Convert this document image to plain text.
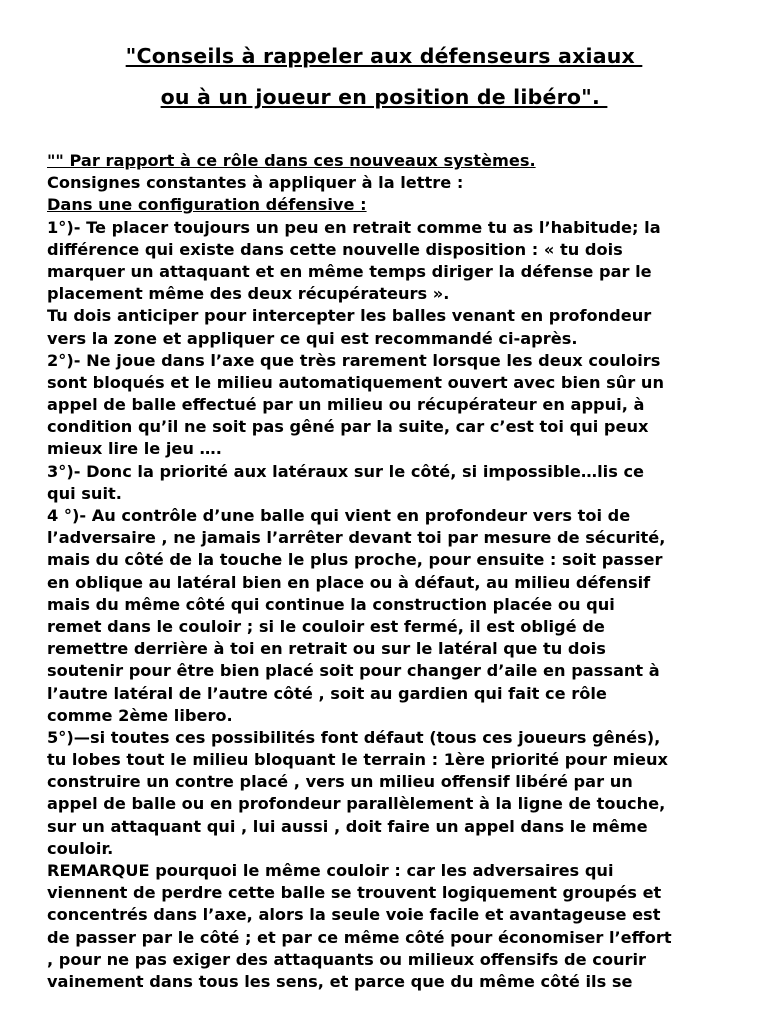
"Conseils à rappeler aux défenseurs axiaux
ou à un joueur en position de libéro".
"" Par rapport à ce rôle dans ces nouveaux systèmes.
Consignes constantes à appliquer à la lettre :
Dans une configuration défensive :
1°)- Te placer toujours un peu en retrait comme tu as l’habitude; la
différence qui existe dans cette nouvelle disposition : « tu dois
marquer un attaquant et en même temps diriger la défense par le
placement même des deux récupérateurs ».
Tu dois anticiper pour intercepter les balles venant en profondeur
vers la zone et appliquer ce qui est recommandé ci-après.
2°)- Ne joue dans l’axe que très rarement lorsque les deux couloirs
sont bloqués et le milieu automatiquement ouvert avec bien sûr un
appel de balle effectué par un milieu ou récupérateur en appui, à
condition qu’il ne soit pas gêné par la suite, car c’est toi qui peux
mieux lire le jeu ….
3°)- Donc la priorité aux latéraux sur le côté, si impossible…lis ce
qui suit.
4 °)- Au contrôle d’une balle qui vient en profondeur vers toi de
l’adversaire , ne jamais l’arrêter devant toi par mesure de sécurité,
mais du côté de la touche le plus proche, pour ensuite : soit passer
en oblique au latéral bien en place ou à défaut, au milieu défensif
mais du même côté qui continue la construction placée ou qui
remet dans le couloir ; si le couloir est fermé, il est obligé de
remettre derrière à toi en retrait ou sur le latéral que tu dois
soutenir pour être bien placé soit pour changer d’aile en passant à
l’autre latéral de l’autre côté , soit au gardien qui fait ce rôle
comme 2ème libero.
5°)—si toutes ces possibilités font défaut (tous ces joueurs gênés),
tu lobes tout le milieu bloquant le terrain : 1ère priorité pour mieux
construire un contre placé , vers un milieu offensif libéré par un
appel de balle ou en profondeur parallèlement à la ligne de touche,
sur un attaquant qui , lui aussi , doit faire un appel dans le même
couloir.
REMARQUE pourquoi le même couloir : car les adversaires qui
viennent de perdre cette balle se trouvent logiquement groupés et
concentrés dans l’axe, alors la seule voie facile et avantageuse est
de passer par le côté ; et par ce même côté pour économiser l’effort
, pour ne pas exiger des attaquants ou milieux offensifs de courir
vainement dans tous les sens, et parce que du même côté ils se
